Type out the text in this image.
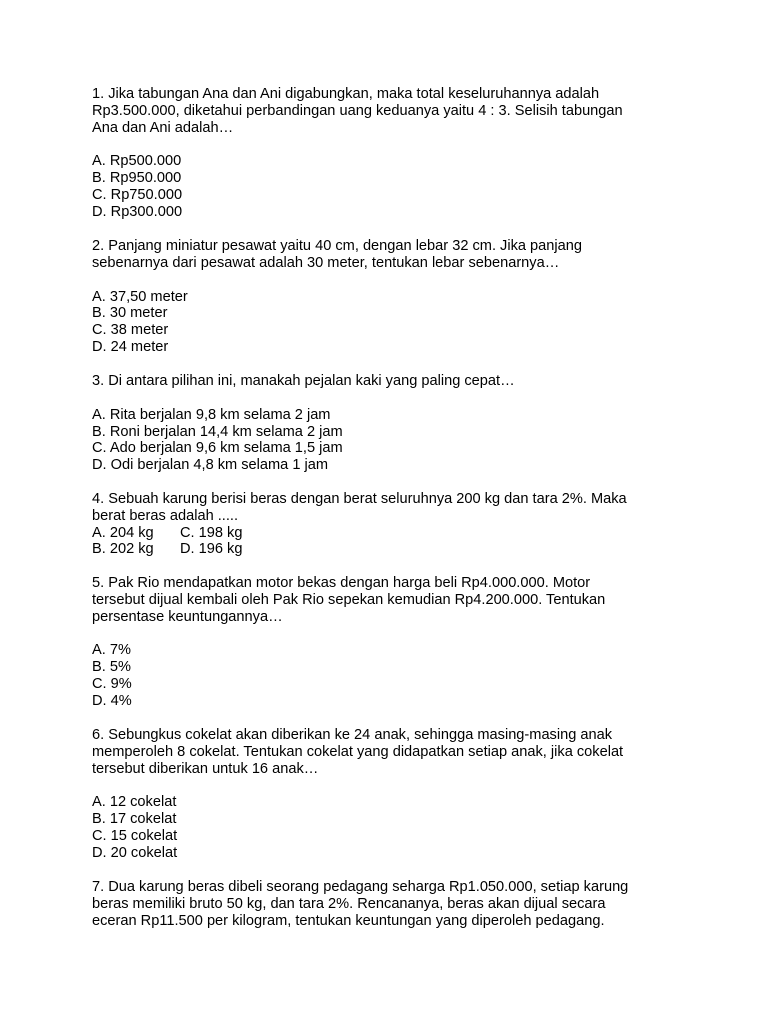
1. Jika tabungan Ana dan Ani digabungkan, maka total keseluruhannya adalah
Rp3.500.000, diketahui perbandingan uang keduanya yaitu 4 : 3. Selisih tabungan
Ana dan Ani adalah…

A. Rp500.000
B. Rp950.000
C. Rp750.000
D. Rp300.000

2. Panjang miniatur pesawat yaitu 40 cm, dengan lebar 32 cm. Jika panjang
sebenarnya dari pesawat adalah 30 meter, tentukan lebar sebenarnya…

A. 37,50 meter
B. 30 meter
C. 38 meter
D. 24 meter

3. Di antara pilihan ini, manakah pejalan kaki yang paling cepat…

A. Rita berjalan 9,8 km selama 2 jam
B. Roni berjalan 14,4 km selama 2 jam
C. Ado berjalan 9,6 km selama 1,5 jam
D. Odi berjalan 4,8 km selama 1 jam

4. Sebuah karung berisi beras dengan berat seluruhnya 200 kg dan tara 2%. Maka
berat beras adalah .....

A. 204 kg	C. 198 kg
B. 202 kg	D. 196 kg

5. Pak Rio mendapatkan motor bekas dengan harga beli Rp4.000.000. Motor
tersebut dijual kembali oleh Pak Rio sepekan kemudian Rp4.200.000. Tentukan
persentase keuntungannya…

A. 7%
B. 5%
C. 9%
D. 4%

6. Sebungkus cokelat akan diberikan ke 24 anak, sehingga masing-masing anak
memperoleh 8 cokelat. Tentukan cokelat yang didapatkan setiap anak, jika cokelat
tersebut diberikan untuk 16 anak…

A. 12 cokelat
B. 17 cokelat
C. 15 cokelat
D. 20 cokelat

7. Dua karung beras dibeli seorang pedagang seharga Rp1.050.000, setiap karung
beras memiliki bruto 50 kg, dan tara 2%. Rencananya, beras akan dijual secara
eceran Rp11.500 per kilogram, tentukan keuntungan yang diperoleh pedagang.
